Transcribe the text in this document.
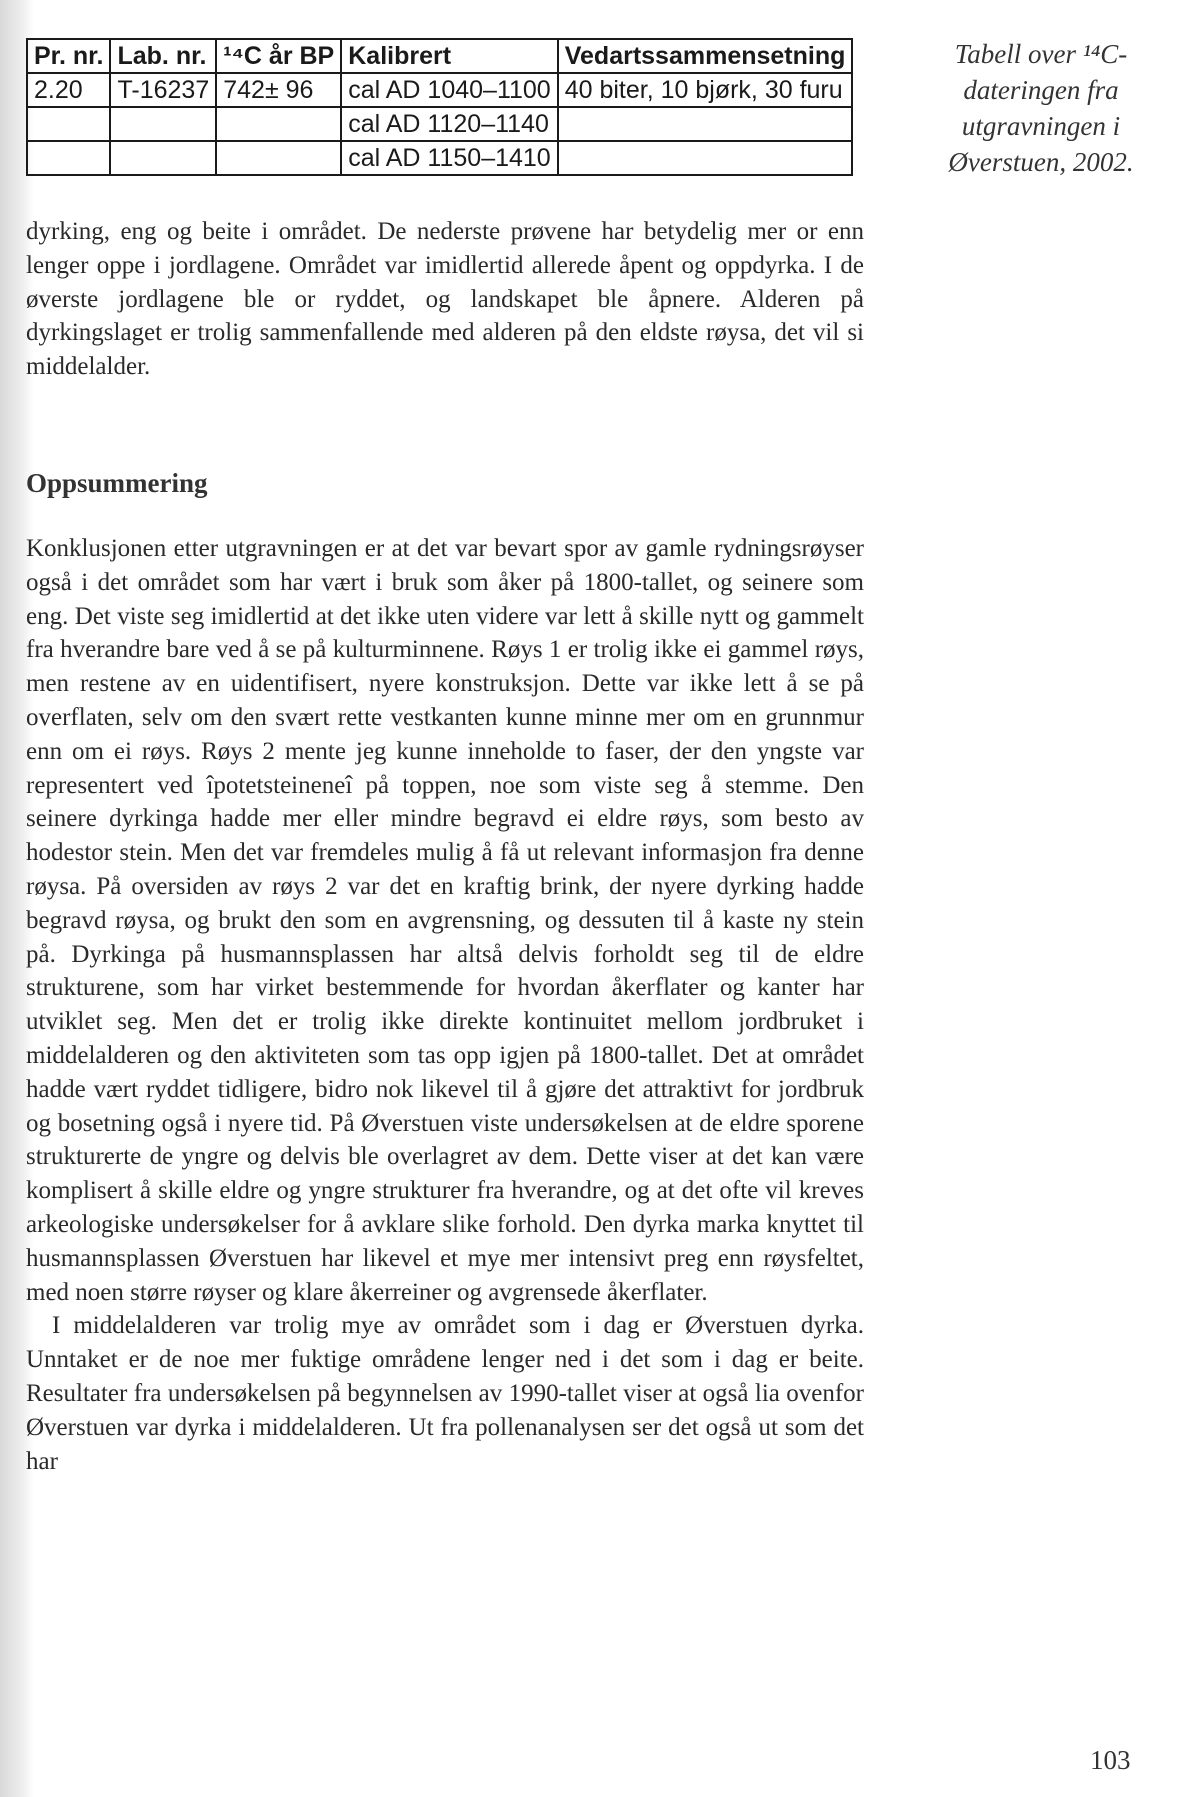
Pr. nr.	Lab. nr.	¹⁴C år BP	Kalibrert	Vedartssammensetning
2.20	T-16237	742± 96	cal AD 1040–1100	40 biter, 10 bjørk, 30 furu
			cal AD 1120–1140	
			cal AD 1150–1410	
Tabell over ¹⁴C-dateringen fra utgravningen i Øverstuen, 2002.

dyrking, eng og beite i området. De nederste prøvene har betydelig mer or enn lenger oppe i jordlagene. Området var imidlertid allerede åpent og oppdyrka. I de øverste jordlagene ble or ryddet, og landskapet ble åpnere. Alderen på dyrkingslaget er trolig sammenfallende med alderen på den eldste røysa, det vil si middelalder.

Oppsummering

Konklusjonen etter utgravningen er at det var bevart spor av gamle rydningsrøyser også i det området som har vært i bruk som åker på 1800-tallet, og seinere som eng. Det viste seg imidlertid at det ikke uten videre var lett å skille nytt og gammelt fra hverandre bare ved å se på kulturminnene. Røys 1 er trolig ikke ei gammel røys, men restene av en uidentifisert, nyere konstruksjon. Dette var ikke lett å se på overflaten, selv om den svært rette vestkanten kunne minne mer om en grunnmur enn om ei røys. Røys 2 mente jeg kunne inneholde to faser, der den yngste var representert ved îpotetsteineneî på toppen, noe som viste seg å stemme. Den seinere dyrkinga hadde mer eller mindre begravd ei eldre røys, som besto av hodestor stein. Men det var fremdeles mulig å få ut relevant informasjon fra denne røysa. På oversiden av røys 2 var det en kraftig brink, der nyere dyrking hadde begravd røysa, og brukt den som en avgrensning, og dessuten til å kaste ny stein på. Dyrkinga på husmannsplassen har altså delvis forholdt seg til de eldre strukturene, som har virket bestemmende for hvordan åkerflater og kanter har utviklet seg. Men det er trolig ikke direkte kontinuitet mellom jordbruket i middelalderen og den aktiviteten som tas opp igjen på 1800-tallet. Det at området hadde vært ryddet tidligere, bidro nok likevel til å gjøre det attraktivt for jordbruk og bosetning også i nyere tid. På Øverstuen viste undersøkelsen at de eldre sporene strukturerte de yngre og delvis ble overlagret av dem. Dette viser at det kan være komplisert å skille eldre og yngre strukturer fra hverandre, og at det ofte vil kreves arkeologiske undersøkelser for å avklare slike forhold. Den dyrka marka knyttet til husmannsplassen Øverstuen har likevel et mye mer intensivt preg enn røysfeltet, med noen større røyser og klare åkerreiner og avgrensede åkerflater.

I middelalderen var trolig mye av området som i dag er Øverstuen dyrka. Unntaket er de noe mer fuktige områdene lenger ned i det som i dag er beite. Resultater fra undersøkelsen på begynnelsen av 1990-tallet viser at også lia ovenfor Øverstuen var dyrka i middelalderen. Ut fra pollenanalysen ser det også ut som det har

103
